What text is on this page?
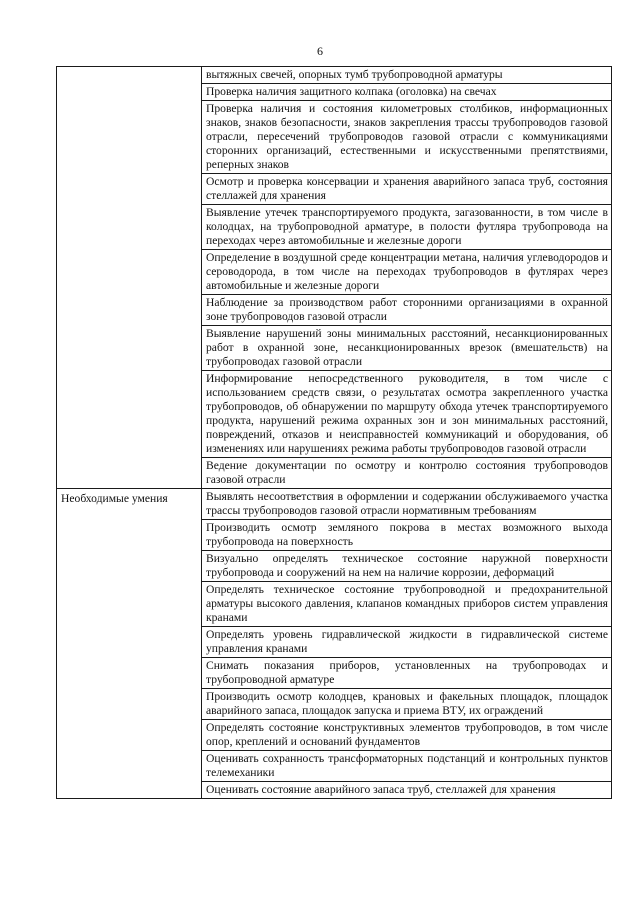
6
	вытяжных свечей, опорных тумб трубопроводной арматуры
	Проверка наличия защитного колпака (оголовка) на свечах
	Проверка наличия и состояния километровых столбиков, информационных знаков, знаков безопасности, знаков закрепления трассы трубопроводов газовой отрасли, пересечений трубопроводов газовой отрасли с коммуникациями сторонних организаций, естественными и искусственными препятствиями, реперных знаков
	Осмотр и проверка консервации и хранения аварийного запаса труб, состояния стеллажей для хранения
	Выявление утечек транспортируемого продукта, загазованности, в том числе в колодцах, на трубопроводной арматуре, в полости футляра трубопровода на переходах через автомобильные и железные дороги
	Определение в воздушной среде концентрации метана, наличия углеводородов и сероводорода, в том числе на переходах трубопроводов в футлярах через автомобильные и железные дороги
	Наблюдение за производством работ сторонними организациями в охранной зоне трубопроводов газовой отрасли
	Выявление нарушений зоны минимальных расстояний, несанкционированных работ в охранной зоне, несанкционированных врезок (вмешательств) на трубопроводах газовой отрасли
	Информирование непосредственного руководителя, в том числе с использованием средств связи, о результатах осмотра закрепленного участка трубопроводов, об обнаружении по маршруту обхода утечек транспортируемого продукта, нарушений режима охранных зон и зон минимальных расстояний, повреждений, отказов и неисправностей коммуникаций и оборудования, об изменениях или нарушениях режима работы трубопроводов газовой отрасли
	Ведение документации по осмотру и контролю состояния трубопроводов газовой отрасли

Необходимые умения	Выявлять несоответствия в оформлении и содержании обслуживаемого участка трассы трубопроводов газовой отрасли нормативным требованиям
	Производить осмотр земляного покрова в местах возможного выхода трубопровода на поверхность
	Визуально определять техническое состояние наружной поверхности трубопровода и сооружений на нем на наличие коррозии, деформаций
	Определять техническое состояние трубопроводной и предохранительной арматуры высокого давления, клапанов командных приборов систем управления кранами
	Определять уровень гидравлической жидкости в гидравлической системе управления кранами
	Снимать показания приборов, установленных на трубопроводах и трубопроводной арматуре
	Производить осмотр колодцев, крановых и факельных площадок, площадок аварийного запаса, площадок запуска и приема ВТУ, их ограждений
	Определять состояние конструктивных элементов трубопроводов, в том числе опор, креплений и оснований фундаментов
	Оценивать сохранность трансформаторных подстанций и контрольных пунктов телемеханики
	Оценивать состояние аварийного запаса труб, стеллажей для хранения
